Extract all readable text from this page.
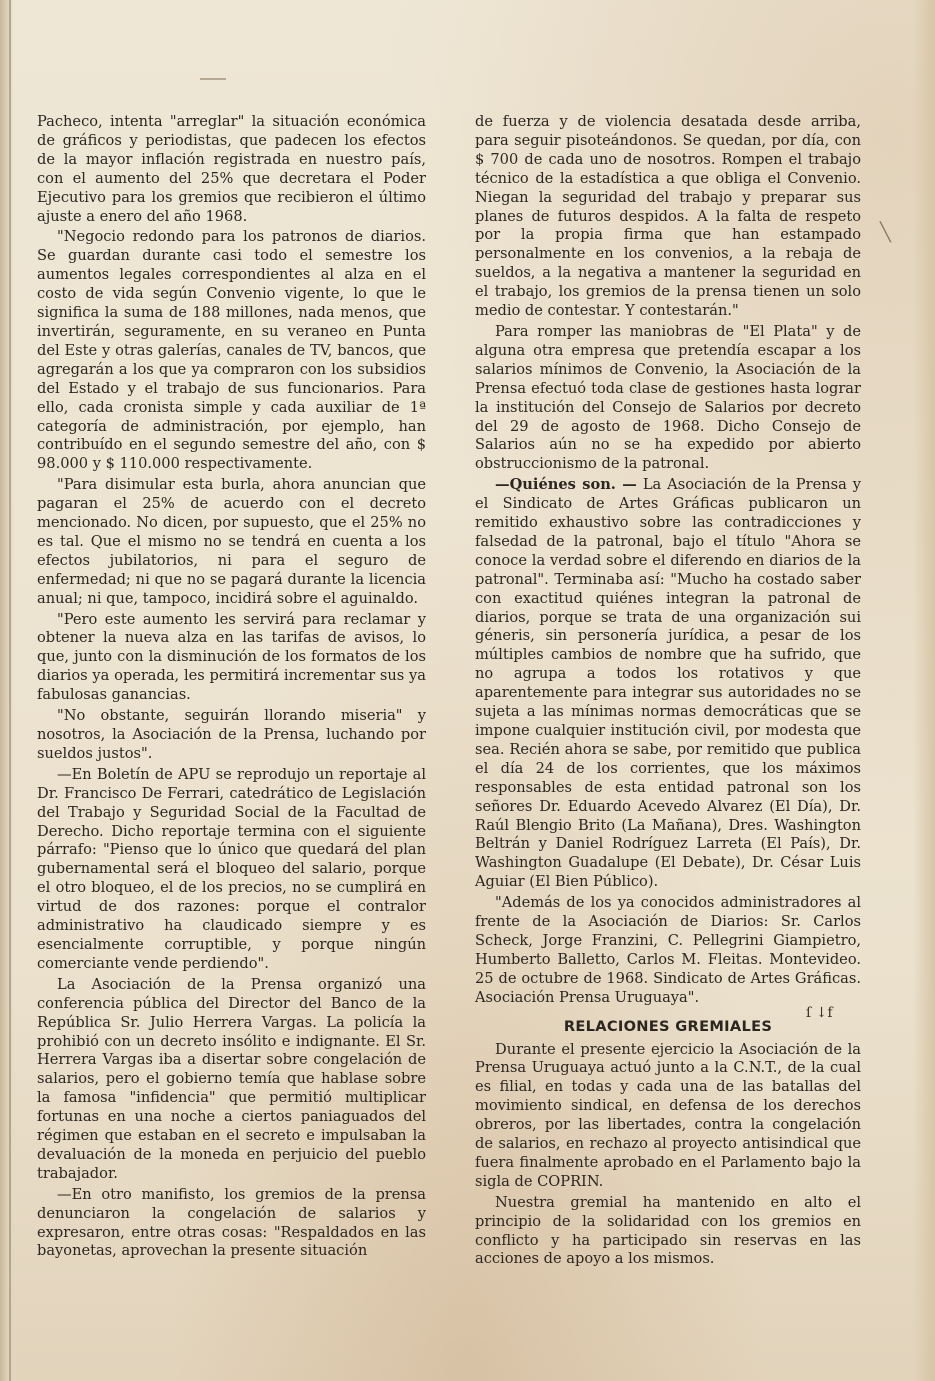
╲

Pacheco, intenta "arreglar" la situación económica de gráficos y periodistas, que padecen los efectos de la mayor inflación registrada en nuestro país, con el aumento del 25% que decretara el Poder Ejecutivo para los gremios que recibieron el último ajuste a enero del año 1968.

"Negocio redondo para los patronos de diarios. Se guardan durante casi todo el semestre los aumentos legales correspondientes al alza en el costo de vida según Convenio vigente, lo que le significa la suma de 188 millones, nada menos, que invertirán, seguramente, en su veraneo en Punta del Este y otras galerías, canales de TV, bancos, que agregarán a los que ya compraron con los subsidios del Estado y el trabajo de sus funcionarios. Para ello, cada cronista simple y cada auxiliar de 1ª categoría de administración, por ejemplo, han contribuído en el segundo semestre del año, con $ 98.000 y $ 110.000 respectivamente.

"Para disimular esta burla, ahora anuncian que pagaran el 25% de acuerdo con el decreto mencionado. No dicen, por supuesto, que el 25% no es tal. Que el mismo no se tendrá en cuenta a los efectos jubilatorios, ni para el seguro de enfermedad; ni que no se pagará durante la licencia anual; ni que, tampoco, incidirá sobre el aguinaldo.

"Pero este aumento les servirá para reclamar y obtener la nueva alza en las tarifas de avisos, lo que, junto con la disminución de los formatos de los diarios ya operada, les permitirá incrementar sus ya fabulosas ganancias.

"No obstante, seguirán llorando miseria" y nosotros, la Asociación de la Prensa, luchando por sueldos justos".

—En Boletín de APU se reprodujo un reportaje al Dr. Francisco De Ferrari, catedrático de Legislación del Trabajo y Seguridad Social de la Facultad de Derecho. Dicho reportaje termina con el siguiente párrafo: "Pienso que lo único que quedará del plan gubernamental será el bloqueo del salario, porque el otro bloqueo, el de los precios, no se cumplirá en virtud de dos razones: porque el contralor administrativo ha claudicado siempre y es esencialmente corruptible, y porque ningún comerciante vende perdiendo".

La Asociación de la Prensa organizó una conferencia pública del Director del Banco de la República Sr. Julio Herrera Vargas. La policía la prohibió con un decreto insólito e indignante. El Sr. Herrera Vargas iba a disertar sobre congelación de salarios, pero el gobierno temía que hablase sobre la famosa "infidencia" que permitió multiplicar fortunas en una noche a ciertos paniaguados del régimen que estaban en el secreto e impulsaban la devaluación de la moneda en perjuicio del pueblo trabajador.

—En otro manifisto, los gremios de la prensa denunciaron la congelación de salarios y expresaron, entre otras cosas: "Respaldados en las bayonetas, aprovechan la presente situación

de fuerza y de violencia desatada desde arriba, para seguir pisoteándonos. Se quedan, por día, con $ 700 de cada uno de nosotros. Rompen el trabajo técnico de la estadística a que obliga el Convenio. Niegan la seguridad del trabajo y preparar sus planes de futuros despidos. A la falta de respeto por la propia firma que han estampado personalmente en los convenios, a la rebaja de sueldos, a la negativa a mantener la seguridad en el trabajo, los gremios de la prensa tienen un solo medio de contestar. Y contestarán."

Para romper las maniobras de "El Plata" y de alguna otra empresa que pretendía escapar a los salarios mínimos de Convenio, la Asociación de la Prensa efectuó toda clase de gestiones hasta lograr la institución del Consejo de Salarios por decreto del 29 de agosto de 1968. Dicho Consejo de Salarios aún no se ha expedido por abierto obstruccionismo de la patronal.

—Quiénes son. — La Asociación de la Prensa y el Sindicato de Artes Gráficas publicaron un remitido exhaustivo sobre las contradicciones y falsedad de la patronal, bajo el título "Ahora se conoce la verdad sobre el diferendo en diarios de la patronal". Terminaba así: "Mucho ha costado saber con exactitud quiénes integran la patronal de diarios, porque se trata de una organización sui géneris, sin personería jurídica, a pesar de los múltiples cambios de nombre que ha sufrido, que no agrupa a todos los rotativos y que aparentemente para integrar sus autoridades no se sujeta a las mínimas normas democráticas que se impone cualquier institución civil, por modesta que sea. Recién ahora se sabe, por remitido que publica el día 24 de los corrientes, que los máximos responsables de esta entidad patronal son los señores Dr. Eduardo Acevedo Alvarez (El Día), Dr. Raúl Blengio Brito (La Mañana), Dres. Washington Beltrán y Daniel Rodríguez Larreta (El País), Dr. Washington Guadalupe (El Debate), Dr. César Luis Aguiar (El Bien Público).

"Además de los ya conocidos administradores al frente de la Asociación de Diarios: Sr. Carlos Scheck, Jorge Franzini, C. Pellegrini Giampietro, Humberto Balletto, Carlos M. Fleitas. Montevideo. 25 de octubre de 1968. Sindicato de Artes Gráficas. Asociación Prensa Uruguaya".

RELACIONES GREMIALES

Durante el presente ejercicio la Asociación de la Prensa Uruguaya actuó junto a la C.N.T., de la cual es filial, en todas y cada una de las batallas del movimiento sindical, en defensa de los derechos obreros, por las libertades, contra la congelación de salarios, en rechazo al proyecto antisindical que fuera finalmente aprobado en el Parlamento bajo la sigla de COPRIN.

Nuestra gremial ha mantenido en alto el principio de la solidaridad con los gremios en conflicto y ha participado sin reservas en las acciones de apoyo a los mismos.

ſ ↓f
